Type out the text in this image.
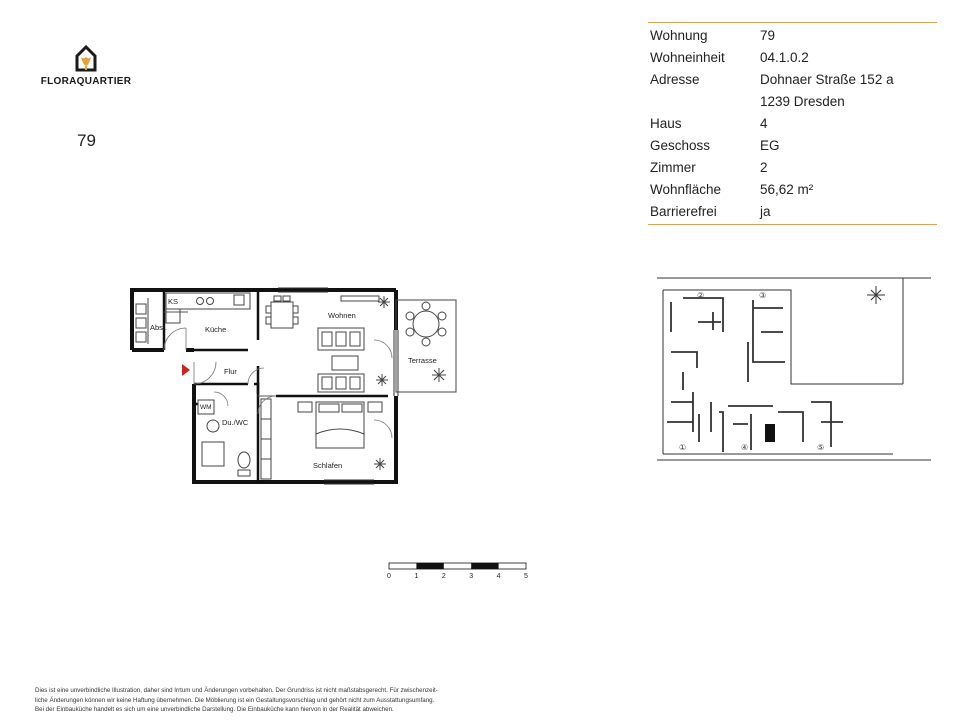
FLORAQUARTIER
79
Wohnung	79
Wohneinheit	04.1.0.2
Adresse	Dohnaer Straße 152 a
1239 Dresden
Haus	4
Geschoss	EG
Zimmer	2
Wohnfläche	56,62 m²
Barrierefrei	ja
KS
Abst.	Küche
Wohnen
Terrasse
Flur
WM
Du./WC
Schlafen
②	③
①	④	⑤
0	1	2	3	4	5
Dies ist eine unverbindliche Illustration, daher sind Irrtum und Änderungen vorbehalten. Der Grundriss ist nicht maßstabsgerecht. Für zwischenzeit-
liche Änderungen können wir keine Haftung übernehmen. Die Möblierung ist ein Gestaltungsvorschlag und gehört nicht zum Ausstattungsumfang.
Bei der Einbauküche handelt es sich um eine unverbindliche Darstellung. Die Einbauküche kann hiervon in der Realität abweichen.
